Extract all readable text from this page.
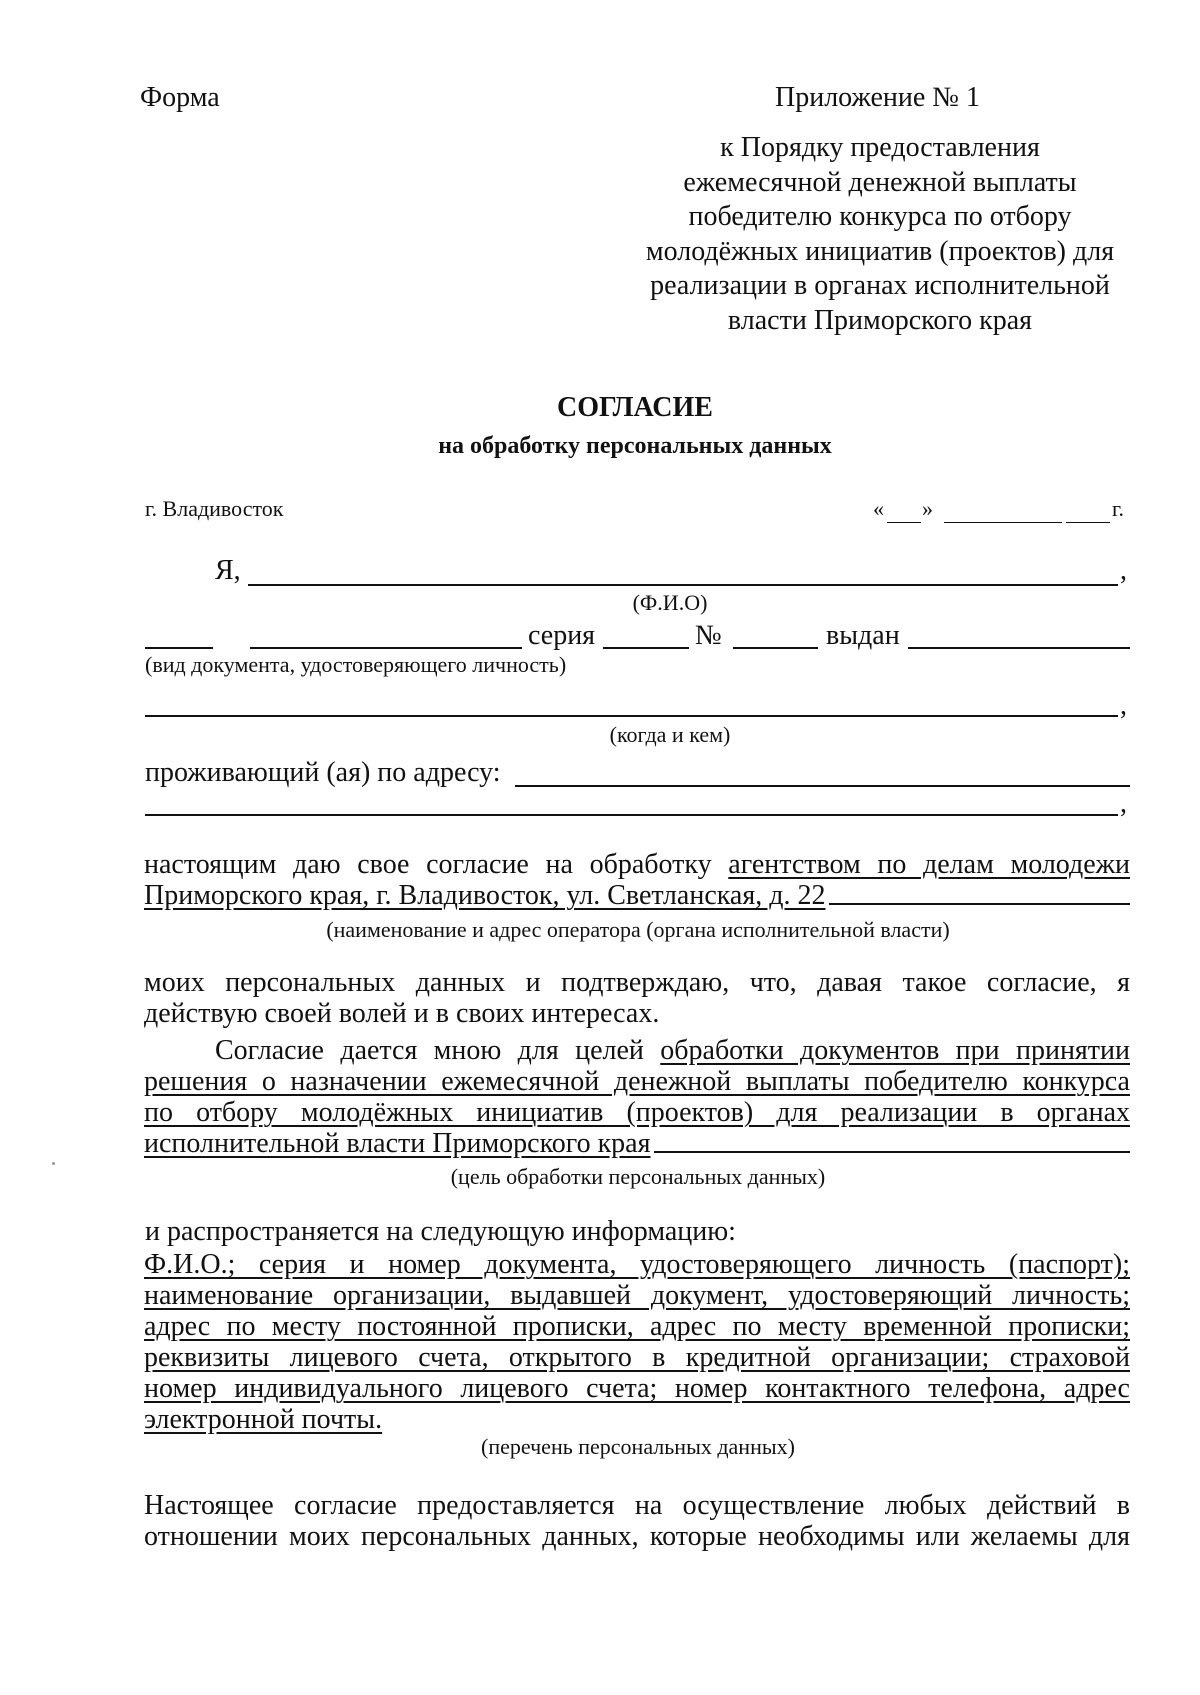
Форма	Приложение № 1
к Порядку предоставления
ежемесячной денежной выплаты
победителю конкурса по отбору
молодёжных инициатив (проектов) для
реализации в органах исполнительной
власти Приморского края
СОГЛАСИЕ
на обработку персональных данных
г. Владивосток	« »	г.
Я,	,
(Ф.И.О)
серия	№	выдан
(вид документа, удостоверяющего личность)
,
(когда и кем)
проживающий (ая) по адресу:
,
настоящим даю свое согласие на обработку агентством по делам молодежи
Приморского края, г. Владивосток, ул. Светланская, д. 22
(наименование и адрес оператора (органа исполнительной власти)
моих персональных данных и подтверждаю, что, давая такое согласие, я
действую своей волей и в своих интересах.
Согласие дается мною для целей обработки документов при принятии
решения о назначении ежемесячной денежной выплаты победителю конкурса
по отбору молодёжных инициатив (проектов) для реализации в органах
исполнительной власти Приморского края
(цель обработки персональных данных)
и распространяется на следующую информацию:
Ф.И.О.; серия и номер документа, удостоверяющего личность (паспорт);
наименование организации, выдавшей документ, удостоверяющий личность;
адрес по месту постоянной прописки, адрес по месту временной прописки;
реквизиты лицевого счета, открытого в кредитной организации; страховой
номер индивидуального лицевого счета; номер контактного телефона, адрес
электронной почты.
(перечень персональных данных)
Настоящее согласие предоставляется на осуществление любых действий в
отношении моих персональных данных, которые необходимы или желаемы для
